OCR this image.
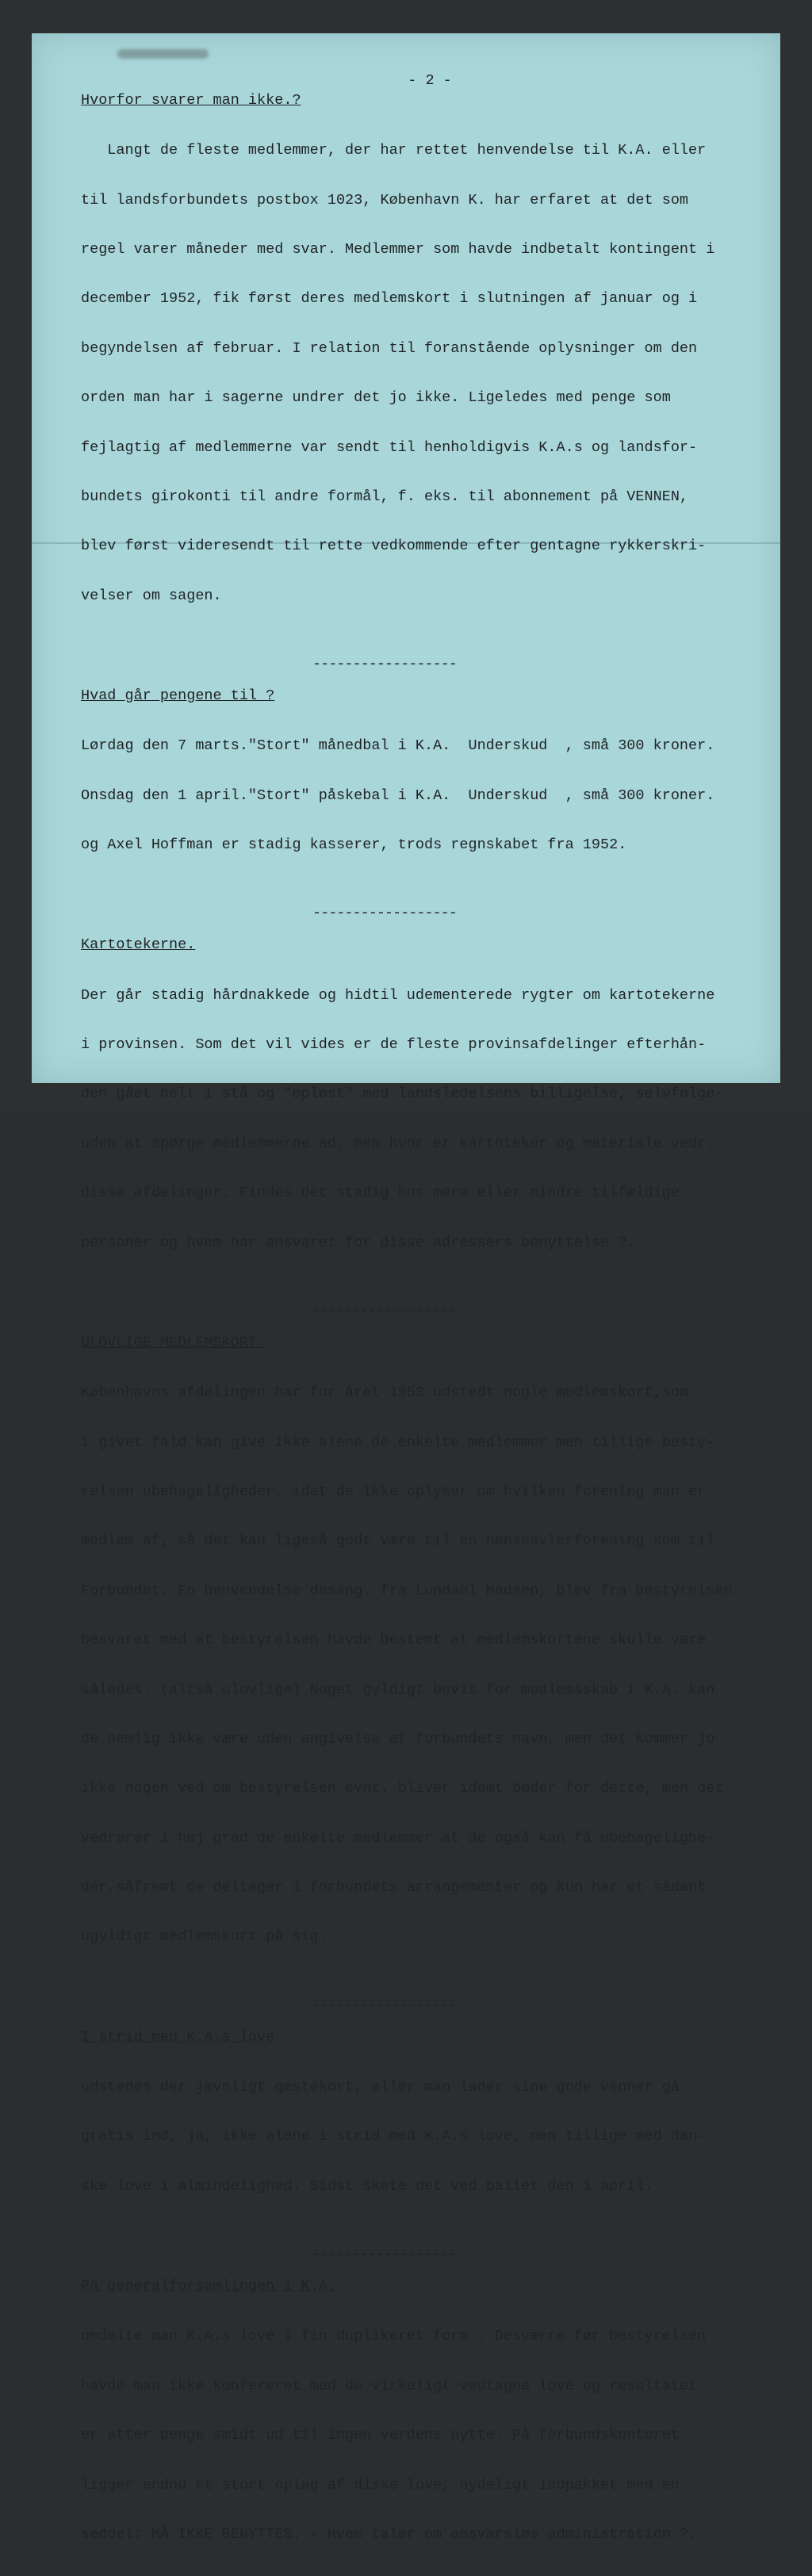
- 2 -
Hvorfor svarer man ikke.?

Langt de fleste medlemmer, der har rettet henvendelse til K.A. eller

til landsforbundets postbox 1023, København K. har erfaret at det som

regel varer måneder med svar. Medlemmer som havde indbetalt kontingent i

december 1952, fik først deres medlemskort i slutningen af januar og i

begyndelsen af februar. I relation til foranstående oplysninger om den

orden man har i sagerne undrer det jo ikke. Ligeledes med penge som

fejlagtig af medlemmerne var sendt til henholdigvis K.A.s og landsfor-

bundets girokonti til andre formål, f. eks. til abonnement på VENNEN,

blev først videresendt til rette vedkommende efter gentagne rykkerskri-

velser om sagen.

------------------
Hvad går pengene til ?

Lørdag den 7 marts."Stort" månedbal i K.A.  Underskud  , små 300 kroner.

Onsdag den 1 april."Stort" påskebal i K.A.  Underskud  , små 300 kroner.

og Axel Hoffman er stadig kasserer, trods regnskabet fra 1952.

------------------
Kartotekerne.

Der går stadig hårdnakkede og hidtil udementerede rygter om kartotekerne

i provinsen. Som det vil vides er de fleste provinsafdelinger efterhån-

den gået helt i stå og "opløst" med landsledelsens billigelse, selvfølge-

uden at spørge medlemmerne ad, men hvor er kartoteker og materiale vedr.

disse afdelinger. Findes det stadig hos mere eller mindre tilfældige

personer og hvem har ansvaret for disse adressers benyttelse ?.

------------------
ULOVLIGE MEDLEMSKORT.

Københavns afdelingen har for året 1953 udstedt nogle medlemskort,som

i givet fald kan give ikke alene de enkelte medlemmer men tillige besty-

relsen ubehageligheder, idet de ikke oplyser om hvilken forening man er

medlem af, så det kan ligeså godt være til en hønseavlerforening som til

Forbundet. En henvendelse desang. fra Lundahl Madsen, blev fra bestyrelsen

besvaret med at bestyrelsen havde bestemt at medlemskortene skulle være

således. (altså ulovlige) Noget gyldigt bevis for medlemsskab i K.A. kan

de nemlig ikke være uden angivelse af forbundets navn, men det kommer jo

ikke nogen ved om bestyrelsen evnt. bliver idømt bøder for dette, men det

vedrører i høj grad de enkelte medlemmer at de også kan få ubehagelighe-

der,såfremt de deltager i forbundets arrangementer og kun har et sådant

ugyldigt medlemskort på sig.

------------------
I strid med K.A.s love

udstedes der jævnligt gæstekort, eller man lader sine gode venner gå

gratis ind, ja, ikke alene i strid med K.A.s love, men tillige med dan-

ske love i almindelighed. Sidst skete det ved ballet den 1 april.

------------------
På generalforsamlingen i K.A.

omdelte man K.A.s love i fin duplikeret form . Desværre før bestyrelsen

havde man ikke konfereret med de virkeligt vedtagne love og resultatet

er atter penge smidt ud til ingen verdens nytte. På forbundskontoret

ligger endnu et stort oplag af disse love, nydeligt indpakket med en

seddel: MÅ IKKE BENYTTES. - Hvem taler om ansvarsløs administration ?.
